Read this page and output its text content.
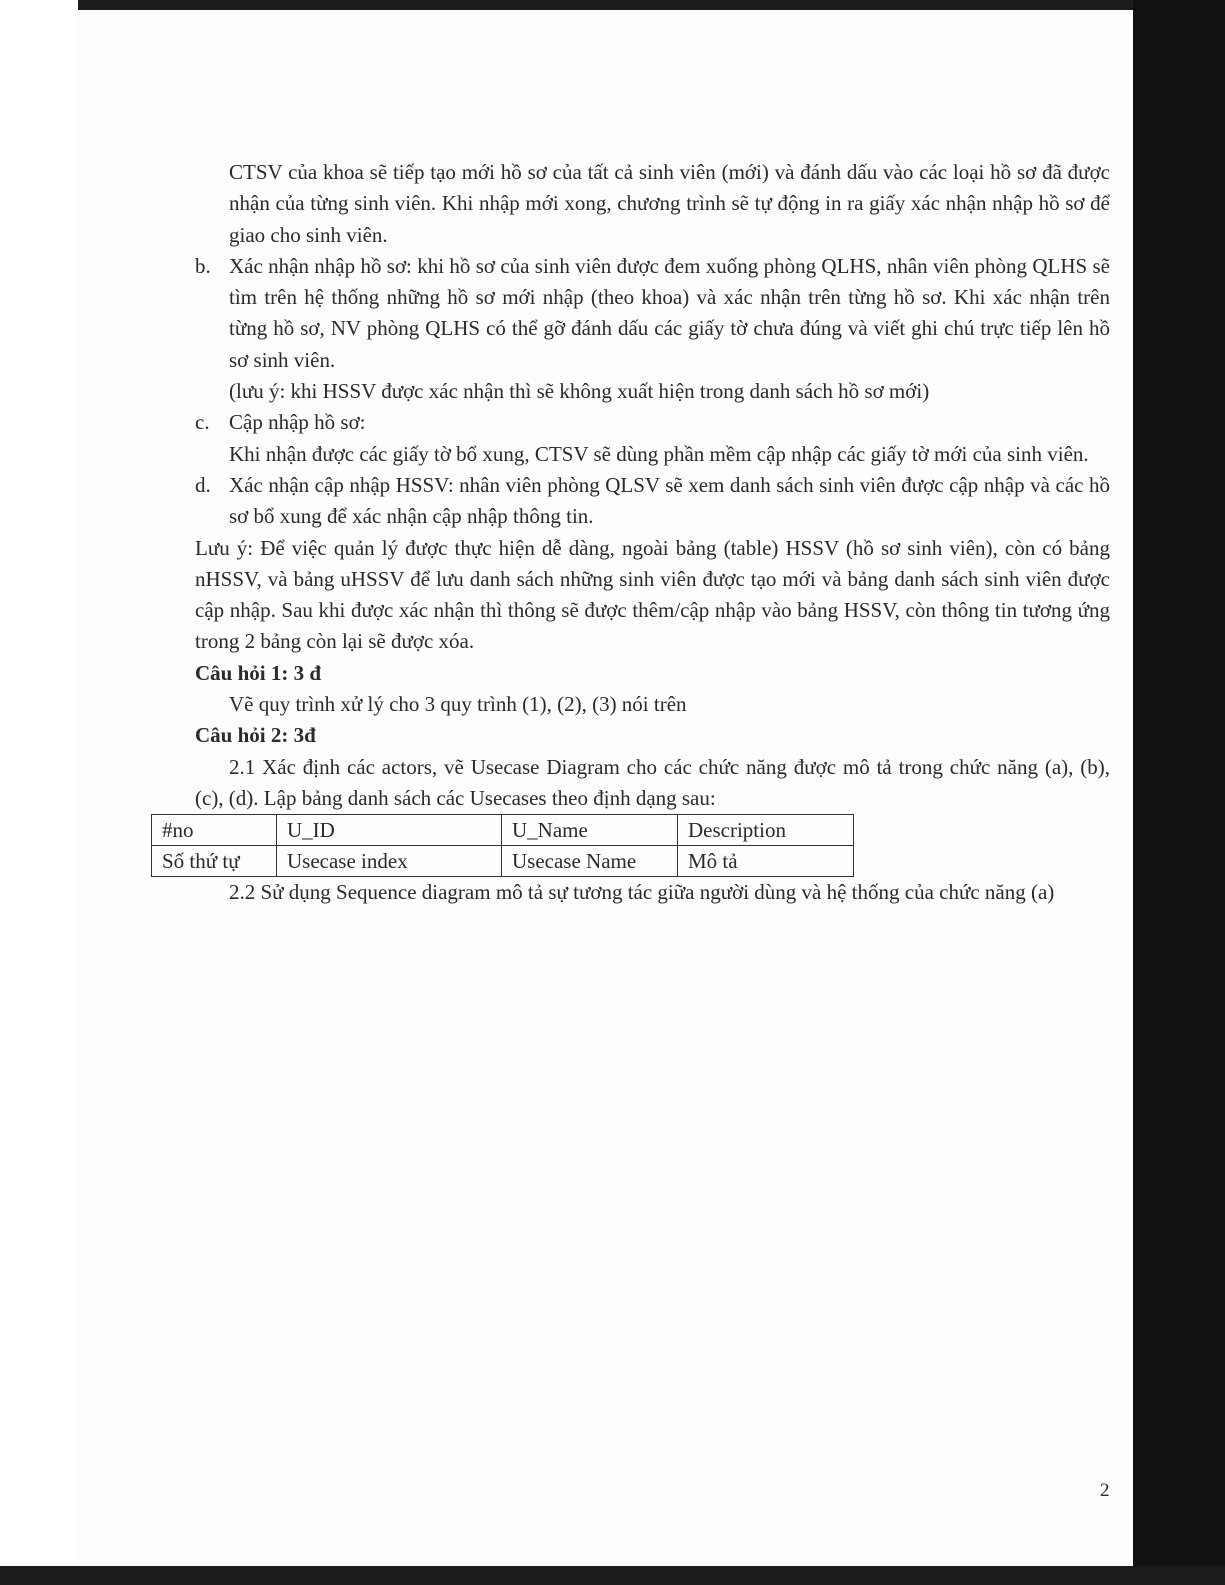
CTSV của khoa sẽ tiếp tạo mới hồ sơ của tất cả sinh viên (mới) và đánh dấu vào các loại hồ sơ đã được nhận của từng sinh viên. Khi nhập mới xong, chương trình sẽ tự động in ra giấy xác nhận nhập hồ sơ để giao cho sinh viên.

b. Xác nhận nhập hồ sơ: khi hồ sơ của sinh viên được đem xuống phòng QLHS, nhân viên phòng QLHS sẽ tìm trên hệ thống những hồ sơ mới nhập (theo khoa) và xác nhận trên từng hồ sơ. Khi xác nhận trên từng hồ sơ, NV phòng QLHS có thể gỡ đánh dấu các giấy tờ chưa đúng và viết ghi chú trực tiếp lên hồ sơ sinh viên.
(lưu ý: khi HSSV được xác nhận thì sẽ không xuất hiện trong danh sách hồ sơ mới)
c. Cập nhập hồ sơ:
Khi nhận được các giấy tờ bổ xung, CTSV sẽ dùng phần mềm cập nhập các giấy tờ mới của sinh viên.
d. Xác nhận cập nhập HSSV: nhân viên phòng QLSV sẽ xem danh sách sinh viên được cập nhập và các hồ sơ bổ xung để xác nhận cập nhập thông tin.

Lưu ý: Để việc quản lý được thực hiện dễ dàng, ngoài bảng (table) HSSV (hồ sơ sinh viên), còn có bảng nHSSV, và bảng uHSSV để lưu danh sách những sinh viên được tạo mới và bảng danh sách sinh viên được cập nhập. Sau khi được xác nhận thì thông sẽ được thêm/cập nhập vào bảng HSSV, còn thông tin tương ứng trong 2 bảng còn lại sẽ được xóa.

Câu hỏi 1: 3 đ

Vẽ quy trình xử lý cho 3 quy trình (1), (2), (3) nói trên

Câu hỏi 2: 3đ

2.1 Xác định các actors, vẽ Usecase Diagram cho các chức năng được mô tả trong chức năng (a), (b), (c), (d). Lập bảng danh sách các Usecases theo định dạng sau:

#no	U_ID	U_Name	Description
Số thứ tự	Usecase index	Usecase Name	Mô tả

2.2 Sử dụng Sequence diagram mô tả sự tương tác giữa người dùng và hệ thống của chức năng (a)

2
